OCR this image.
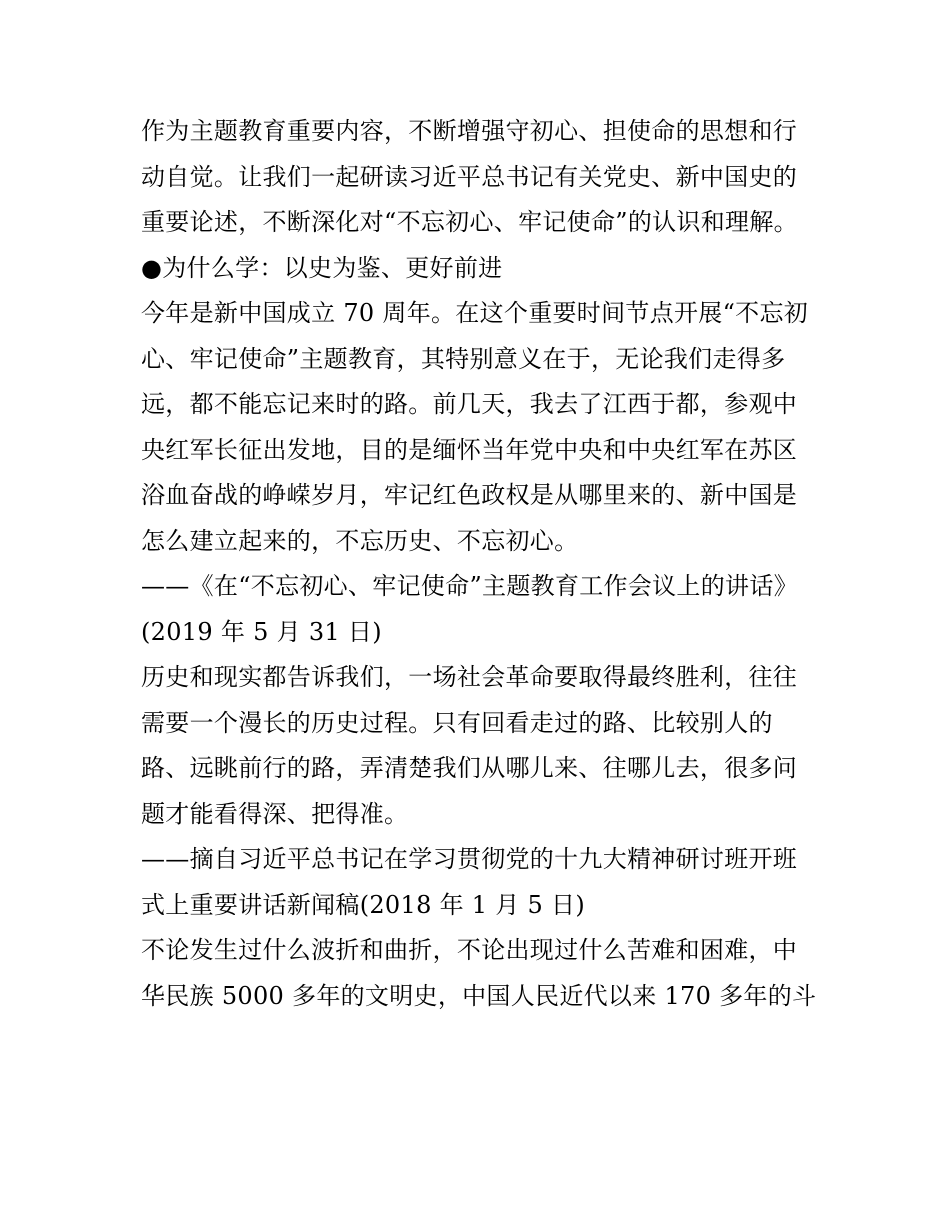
作为主题教育重要内容，不断增强守初心、担使命的思想和行
动自觉。让我们一起研读习近平总书记有关党史、新中国史的
重要论述，不断深化对“不忘初心、牢记使命”的认识和理解。
●为什么学：以史为鉴、更好前进
今年是新中国成立 70 周年。在这个重要时间节点开展“不忘初
心、牢记使命”主题教育，其特别意义在于，无论我们走得多
远，都不能忘记来时的路。前几天，我去了江西于都，参观中
央红军长征出发地，目的是缅怀当年党中央和中央红军在苏区
浴血奋战的峥嵘岁月，牢记红色政权是从哪里来的、新中国是
怎么建立起来的，不忘历史、不忘初心。
——《在“不忘初心、牢记使命”主题教育工作会议上的讲话》
(2019 年 5 月 31 日)
历史和现实都告诉我们，一场社会革命要取得最终胜利，往往
需要一个漫长的历史过程。只有回看走过的路、比较别人的
路、远眺前行的路，弄清楚我们从哪儿来、往哪儿去，很多问
题才能看得深、把得准。
——摘自习近平总书记在学习贯彻党的十九大精神研讨班开班
式上重要讲话新闻稿(2018 年 1 月 5 日)
不论发生过什么波折和曲折，不论出现过什么苦难和困难，中
华民族 5000 多年的文明史，中国人民近代以来 170 多年的斗
